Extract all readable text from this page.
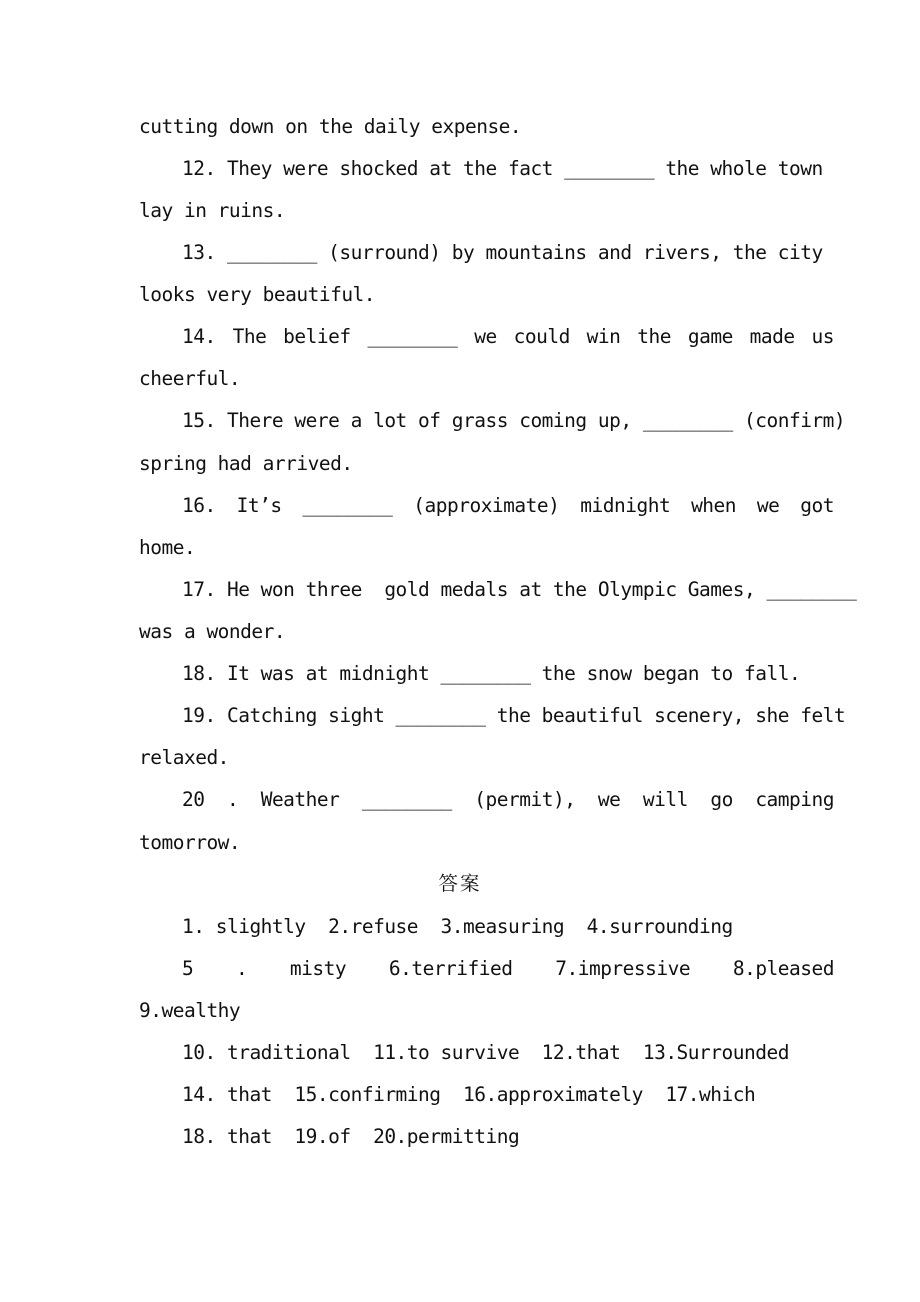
cutting down on the daily expense.
12. They were shocked at the fact ________ the whole town
lay in ruins.
13. ________ (surround) by mountains and rivers, the city
looks very beautiful.
14. The belief ________ we could win the game made us
cheerful.
15. There were a lot of grass coming up, ________ (confirm)
spring had arrived.
16. It’s ________ (approximate) midnight when we got
home.
17. He won three  gold medals at the Olympic Games, ________
was a wonder.
18. It was at midnight ________ the snow began to fall.
19. Catching sight ________ the beautiful scenery, she felt
relaxed.
20 . Weather ________ (permit), we will go camping
tomorrow.
答案
1. slightly  2.refuse  3.measuring  4.surrounding
5 . misty 6.terrified 7.impressive 8.pleased
9.wealthy
10. traditional  11.to survive  12.that  13.Surrounded
14. that  15.confirming  16.approximately  17.which
18. that  19.of  20.permitting
